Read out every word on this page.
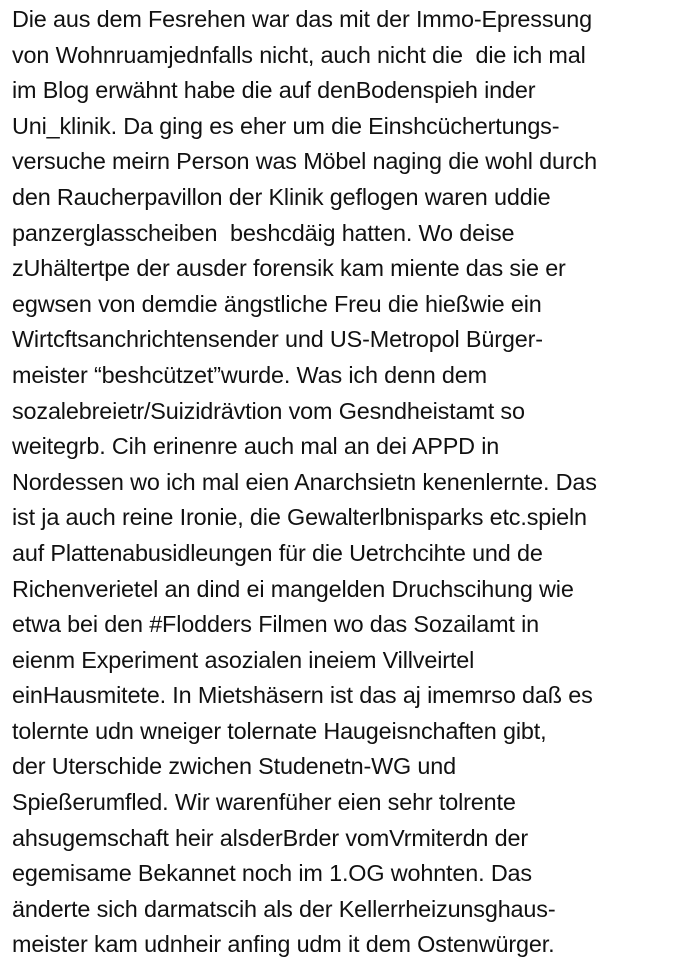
Die aus dem Fesrehen war das mit der Immo-Epressung
von Wohnruamjednfalls nicht, auch nicht die  die ich mal
im Blog erwähnt habe die auf denBodenspieh inder
Uni_klinik. Da ging es eher um die Einshcüchertungs-
versuche meirn Person was Möbel naging die wohl durch
den Raucherpavillon der Klinik geflogen waren uddie
panzerglasscheiben  beshcdäig hatten. Wo deise
zUhältertpe der ausder forensik kam miente das sie er
egwsen von demdie ängstliche Freu die hießwie ein
Wirtcftsanchrichtensender und US-Metropol Bürger-
meister “beshcützet”wurde. Was ich denn dem
sozalebreietr/Suizidrävtion vom Gesndheistamt so
weitegrb. Cih erinenre auch mal an dei APPD in
Nordessen wo ich mal eien Anarchsietn kenenlernte. Das
ist ja auch reine Ironie, die Gewalterlbnisparks etc.spieln
auf Plattenabusidleungen für die Uetrchcihte und de
Richenverietel an dind ei mangelden Druchscihung wie
etwa bei den #Flodders Filmen wo das Sozailamt in
eienm Experiment asozialen ineiem Villveirtel
einHausmitete. In Mietshäsern ist das aj imemrso daß es
tolernte udn wneiger tolernate Haugeisnchaften gibt,
der Uterschide zwichen Studenetn-WG und
Spießerumfled. Wir warenfüher eien sehr tolrente
ahsugemschaft heir alsderBrder vomVrmiterdn der
egemisame Bekannet noch im 1.OG wohnten. Das
änderte sich darmatscih als der Kellerrheizunsghaus-
meister kam udnheir anfing udm it dem Ostenwürger.
